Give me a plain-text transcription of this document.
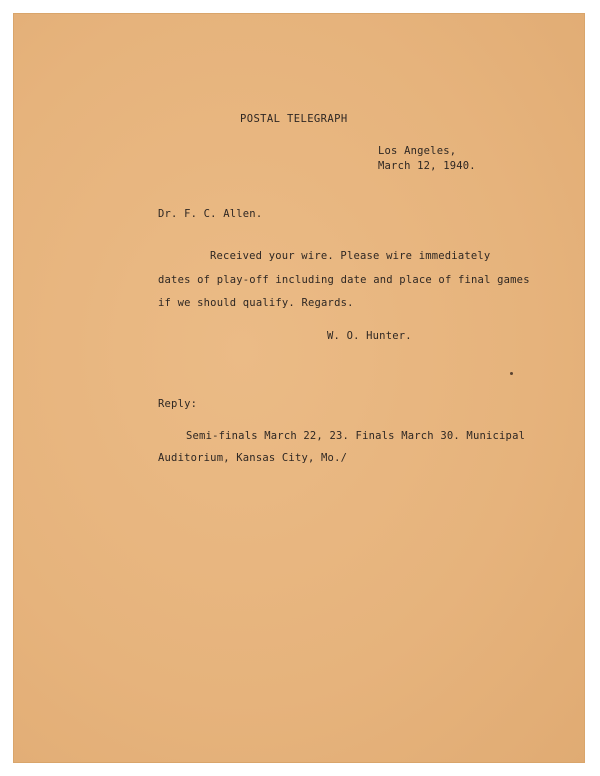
POSTAL TELEGRAPH
Los Angeles,
March 12, 1940.
Dr. F. C. Allen.
Received your wire. Please wire immediately
dates of play-off including date and place of final games
if we should qualify. Regards.
W. O. Hunter.
Reply:
Semi-finals March 22, 23. Finals March 30. Municipal
Auditorium, Kansas City, Mo./
